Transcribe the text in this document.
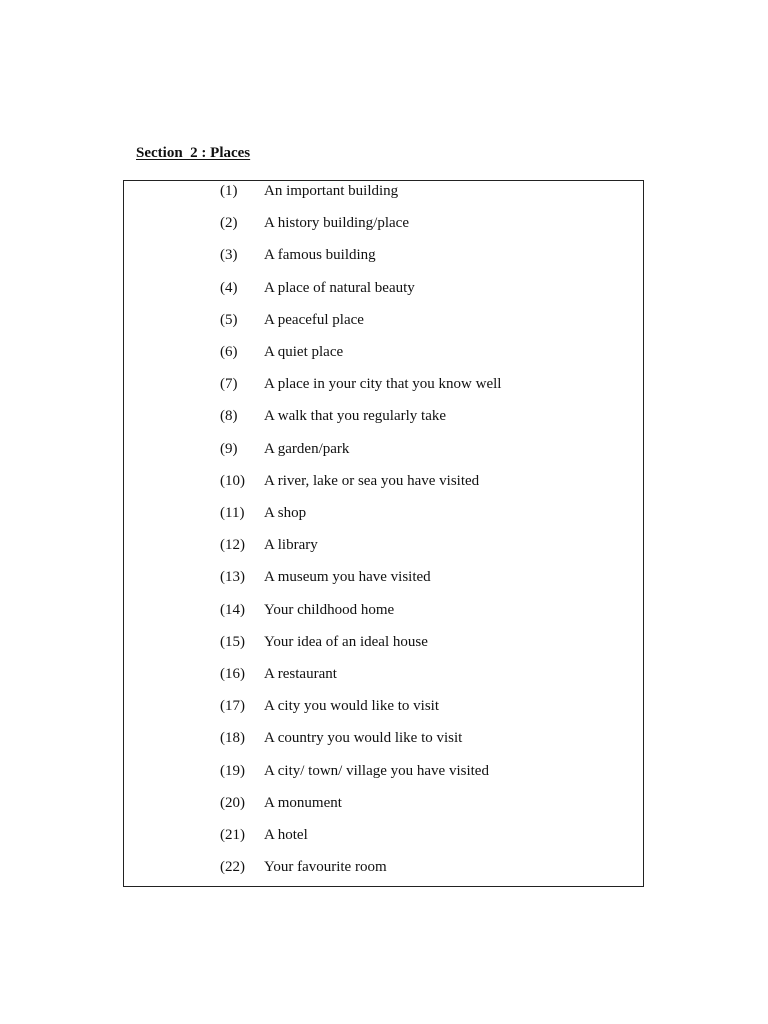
Section  2 : Places
(1) An important building
(2) A history building/place
(3) A famous building
(4) A place of natural beauty
(5) A peaceful place
(6) A quiet place
(7) A place in your city that you know well
(8) A walk that you regularly take
(9) A garden/park
(10) A river, lake or sea you have visited
(11) A shop
(12) A library
(13) A museum you have visited
(14) Your childhood home
(15) Your idea of an ideal house
(16) A restaurant
(17) A city you would like to visit
(18) A country you would like to visit
(19) A city/ town/ village you have visited
(20) A monument
(21) A hotel
(22) Your favourite room
